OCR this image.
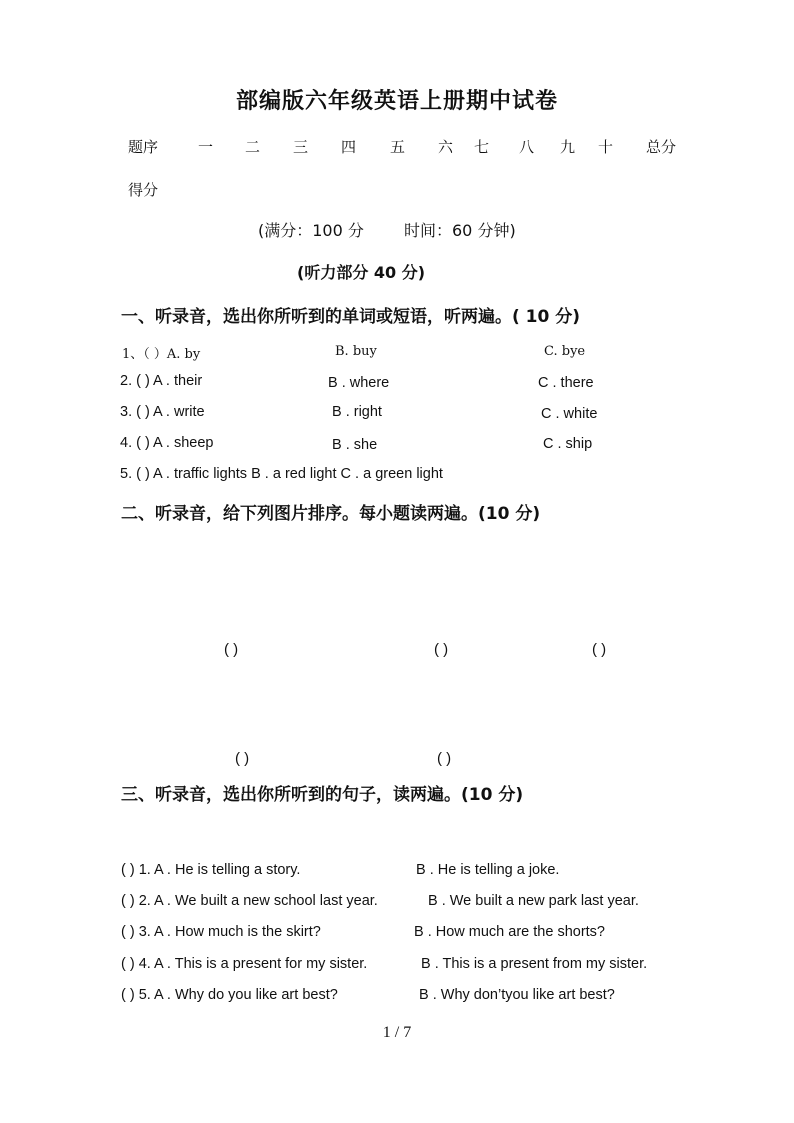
部编版六年级英语上册期中试卷
题序	一 二 三 四 五 六 七 八 九 十 总分
得分
(满分：100 分	时间：60 分钟)
(听力部分 40 分)
一、听录音，选出你所听到的单词或短语，听两遍。( 10 分)
1、（ ）A. by	B. buy	C. bye
2. ( ) A . their	B . where	C . there
3. ( ) A . write	B . right	C . white
4. ( ) A . sheep	B . she	C . ship
5. ( ) A . traffic lights B . a red light C . a green light
二、听录音，给下列图片排序。每小题读两遍。(10 分)
( )	( )	( )
( )	( )
三、听录音，选出你所听到的句子，读两遍。(10 分)
( ) 1. A . He is telling a story.	B . He is telling a joke.
( ) 2. A . We built a new school last year.	B . We built a new park last year.
( ) 3. A . How much is the skirt?	B . How much are the shorts?
( ) 4. A . This is a present for my sister.	B . This is a present from my sister.
( ) 5. A . Why do you like art best?	B . Why don’tyou like art best?
1 / 7
